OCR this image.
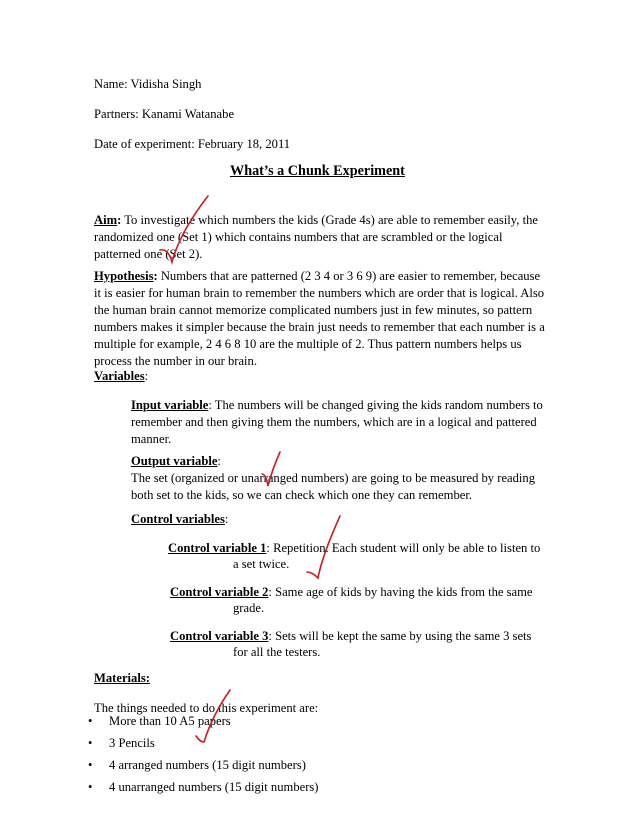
Name: Vidisha Singh
Partners: Kanami Watanabe
Date of experiment: February 18, 2011
What’s a Chunk Experiment
Aim: To investigate which numbers the kids (Grade 4s) are able to remember easily, the
randomized one (Set 1) which contains numbers that are scrambled or the logical
patterned one (Set 2).
Hypothesis: Numbers that are patterned (2 3 4 or 3 6 9) are easier to remember, because
it is easier for human brain to remember the numbers which are order that is logical. Also
the human brain cannot memorize complicated numbers just in few minutes, so pattern
numbers makes it simpler because the brain just needs to remember that each number is a
multiple for example, 2 4 6 8 10 are the multiple of 2. Thus pattern numbers helps us
process the number in our brain.
Variables:
Input variable: The numbers will be changed giving the kids random numbers to
remember and then giving them the numbers, which are in a logical and pattered
manner.
Output variable:
The set (organized or unarranged numbers) are going to be measured by reading
both set to the kids, so we can check which one they can remember.
Control variables:
Control variable 1: Repetition. Each student will only be able to listen to
a set twice.
Control variable 2: Same age of kids by having the kids from the same
grade.
Control variable 3: Sets will be kept the same by using the same 3 sets
for all the testers.
Materials:
The things needed to do this experiment are:
• More than 10 A5 papers
• 3 Pencils
• 4 arranged numbers (15 digit numbers)
• 4 unarranged numbers (15 digit numbers)
